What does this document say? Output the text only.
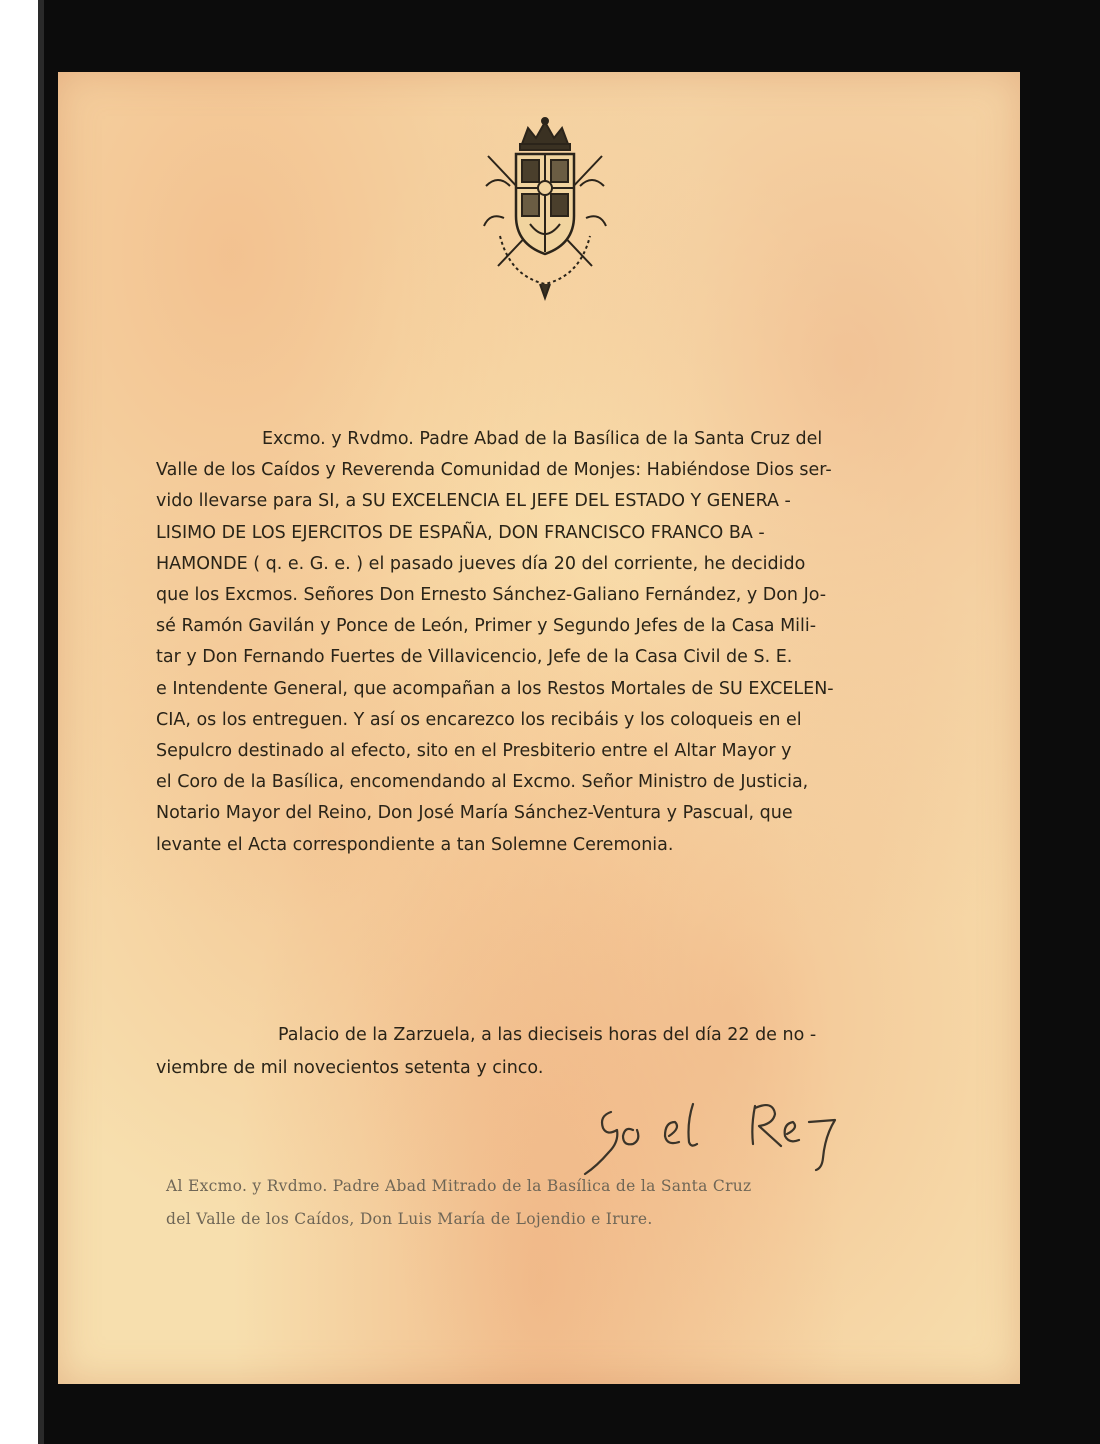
Excmo. y Rvdmo. Padre Abad de la Basílica de la Santa Cruz del
Valle de los Caídos y Reverenda Comunidad de Monjes: Habiéndose Dios ser-
vido llevarse para SI, a SU EXCELENCIA EL JEFE DEL ESTADO Y GENERA -
LISIMO DE LOS EJERCITOS DE ESPAÑA, DON FRANCISCO FRANCO BA -
HAMONDE ( q. e. G. e. ) el pasado jueves día 20 del corriente, he decidido
que los Excmos. Señores Don Ernesto Sánchez-Galiano Fernández, y Don Jo-
sé Ramón Gavilán y Ponce de León, Primer y Segundo Jefes de la Casa Mili-
tar y Don Fernando Fuertes de Villavicencio, Jefe de la Casa Civil de S. E.
e Intendente General, que acompañan a los Restos Mortales de SU EXCELEN-
CIA, os los entreguen. Y así os encarezco los recibáis y los coloqueis en el
Sepulcro destinado al efecto, sito en el Presbiterio entre el Altar Mayor y
el Coro de la Basílica, encomendando al Excmo. Señor Ministro de Justicia,
Notario Mayor del Reino, Don José María Sánchez-Ventura y Pascual, que
levante el Acta correspondiente a tan Solemne Ceremonia.
Palacio de la Zarzuela, a las dieciseis horas del día 22 de no -
viembre de mil novecientos setenta y cinco.
Al Excmo. y Rvdmo. Padre Abad Mitrado de la Basílica de la Santa Cruz
del Valle de los Caídos, Don Luis María de Lojendio e Irure.
